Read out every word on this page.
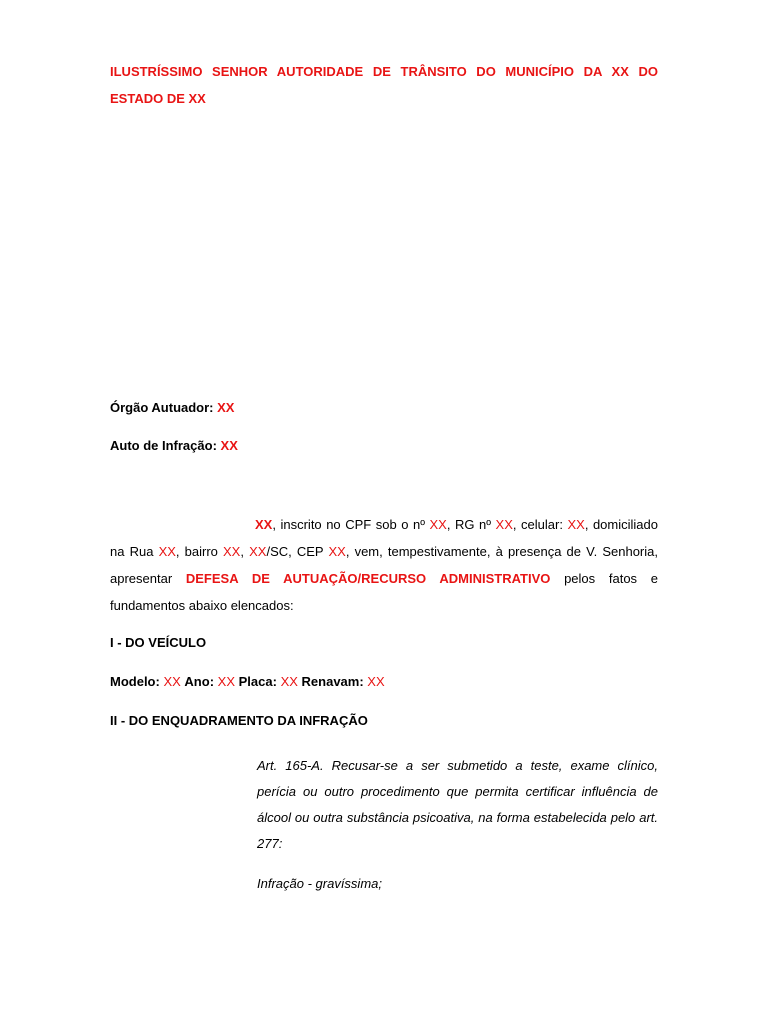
ILUSTRÍSSIMO SENHOR AUTORIDADE DE TRÂNSITO DO MUNICÍPIO DA XX DO ESTADO DE XX

Órgão Autuador: XX

Auto de Infração: XX

XX, inscrito no CPF sob o nº XX, RG nº XX, celular: XX, domiciliado na Rua XX, bairro XX, XX/SC, CEP XX, vem, tempestivamente, à presença de V. Senhoria, apresentar DEFESA DE AUTUAÇÃO/RECURSO ADMINISTRATIVO pelos fatos e fundamentos abaixo elencados:

I - DO VEÍCULO

Modelo: XX Ano: XX Placa: XX Renavam: XX

II - DO ENQUADRAMENTO DA INFRAÇÃO

Art. 165-A. Recusar-se a ser submetido a teste, exame clínico, perícia ou outro procedimento que permita certificar influência de álcool ou outra substância psicoativa, na forma estabelecida pelo art. 277:

Infração - gravíssima;
